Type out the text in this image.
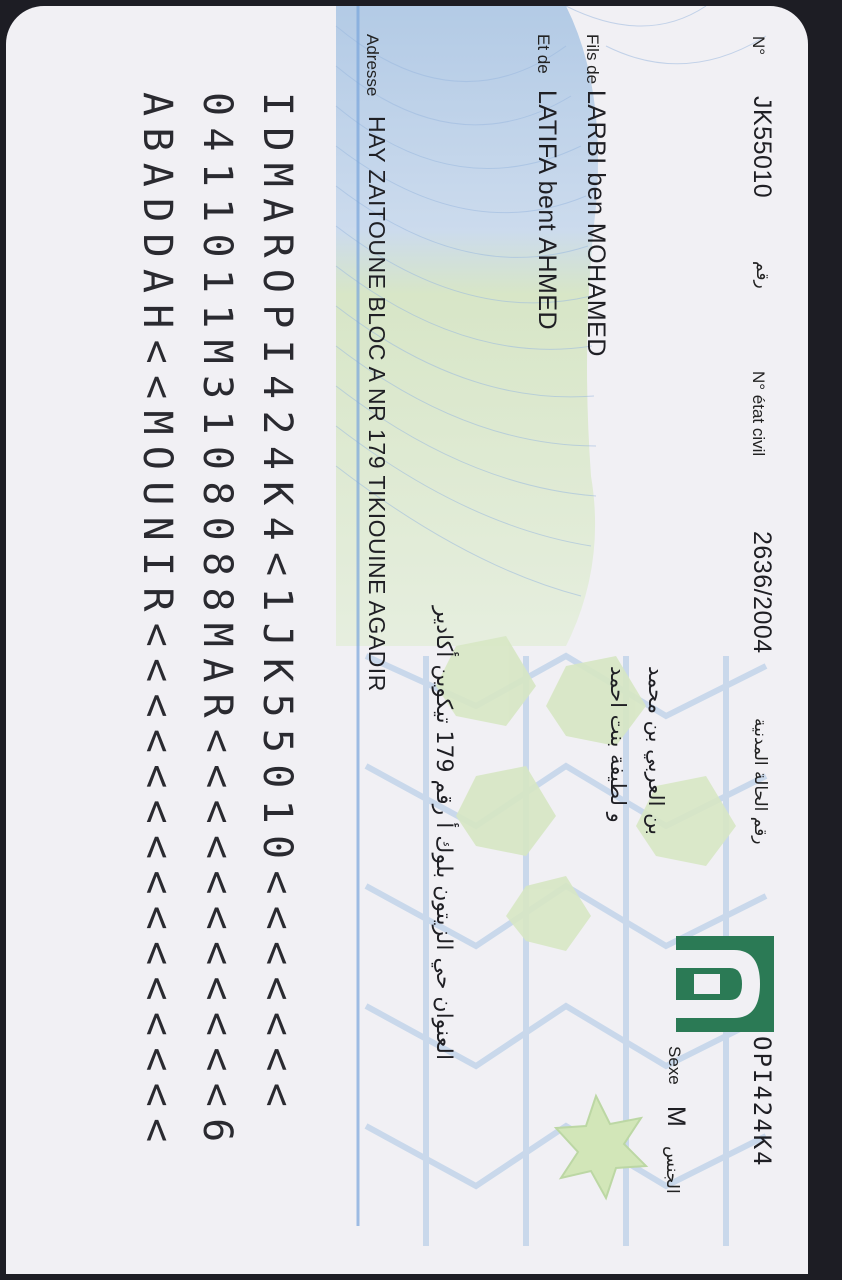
N°
JK55010
رقم
N° état civil
2636/2004
رقم الحالة المدنية
OPI424K4
Sexe
M
الجنس
Fils de
LARBI ben MOHAMED
بن العربي بن محمد
Et de
LATIFA bent AHMED
و لطيفة بنت احمد
Adresse
HAY ZAITOUNE BLOC A NR 179 TIKIOUINE AGADIR العنوان حي الزيتون بلوك أ رقم 179 تيكوين أكادير
IDMAROPI424K4<1JK55010<<<<<<<
0411011M3108088MAR<<<<<<<<<<<6
ABADDAH<<MOUNIR<<<<<<<<<<<<<<<
